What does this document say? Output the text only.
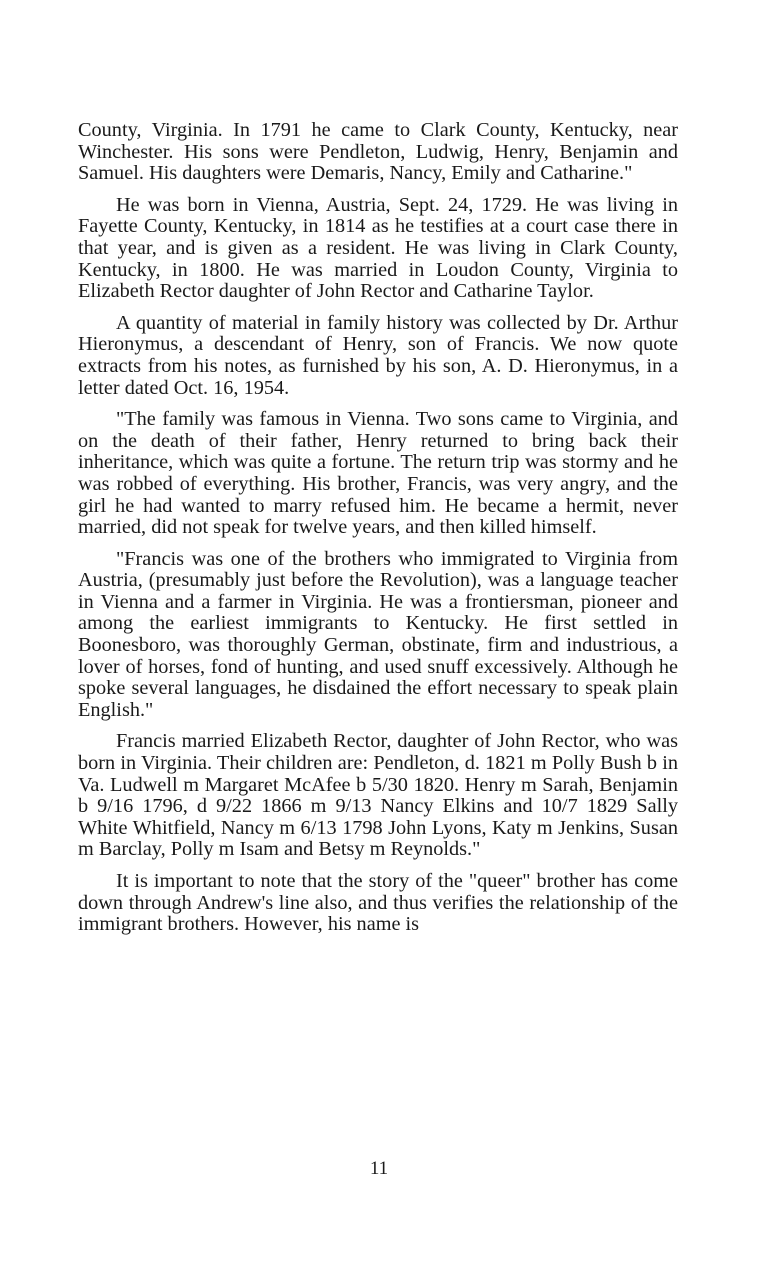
County, Virginia. In 1791 he came to Clark County, Kentucky, near Winchester. His sons were Pendleton, Ludwig, Henry, Benjamin and Samuel. His daughters were Demaris, Nancy, Emily and Catharine."

He was born in Vienna, Austria, Sept. 24, 1729. He was living in Fayette County, Kentucky, in 1814 as he testifies at a court case there in that year, and is given as a resident. He was living in Clark County, Kentucky, in 1800. He was married in Loudon County, Virginia to Elizabeth Rector daughter of John Rector and Catharine Taylor.

A quantity of material in family history was collected by Dr. Arthur Hieronymus, a descendant of Henry, son of Francis. We now quote extracts from his notes, as furnished by his son, A. D. Hieronymus, in a letter dated Oct. 16, 1954.

"The family was famous in Vienna. Two sons came to Virginia, and on the death of their father, Henry returned to bring back their inheritance, which was quite a fortune. The return trip was stormy and he was robbed of everything. His brother, Francis, was very angry, and the girl he had wanted to marry refused him. He became a hermit, never married, did not speak for twelve years, and then killed himself.

"Francis was one of the brothers who immigrated to Virginia from Austria, (presumably just before the Revolution), was a language teacher in Vienna and a farmer in Virginia. He was a frontiersman, pioneer and among the earliest immigrants to Kentucky. He first settled in Boonesboro, was thoroughly German, obstinate, firm and industrious, a lover of horses, fond of hunting, and used snuff excessively. Although he spoke several languages, he disdained the effort necessary to speak plain English."

Francis married Elizabeth Rector, daughter of John Rector, who was born in Virginia. Their children are: Pendleton, d. 1821 m Polly Bush b in Va. Ludwell m Margaret McAfee b 5/30 1820. Henry m Sarah, Benjamin b 9/16 1796, d 9/22 1866 m 9/13 Nancy Elkins and 10/7 1829 Sally White Whitfield, Nancy m 6/13 1798 John Lyons, Katy m Jenkins, Susan m Barclay, Polly m Isam and Betsy m Reynolds."

It is important to note that the story of the "queer" brother has come down through Andrew's line also, and thus verifies the relationship of the immigrant brothers. However, his name is

11
